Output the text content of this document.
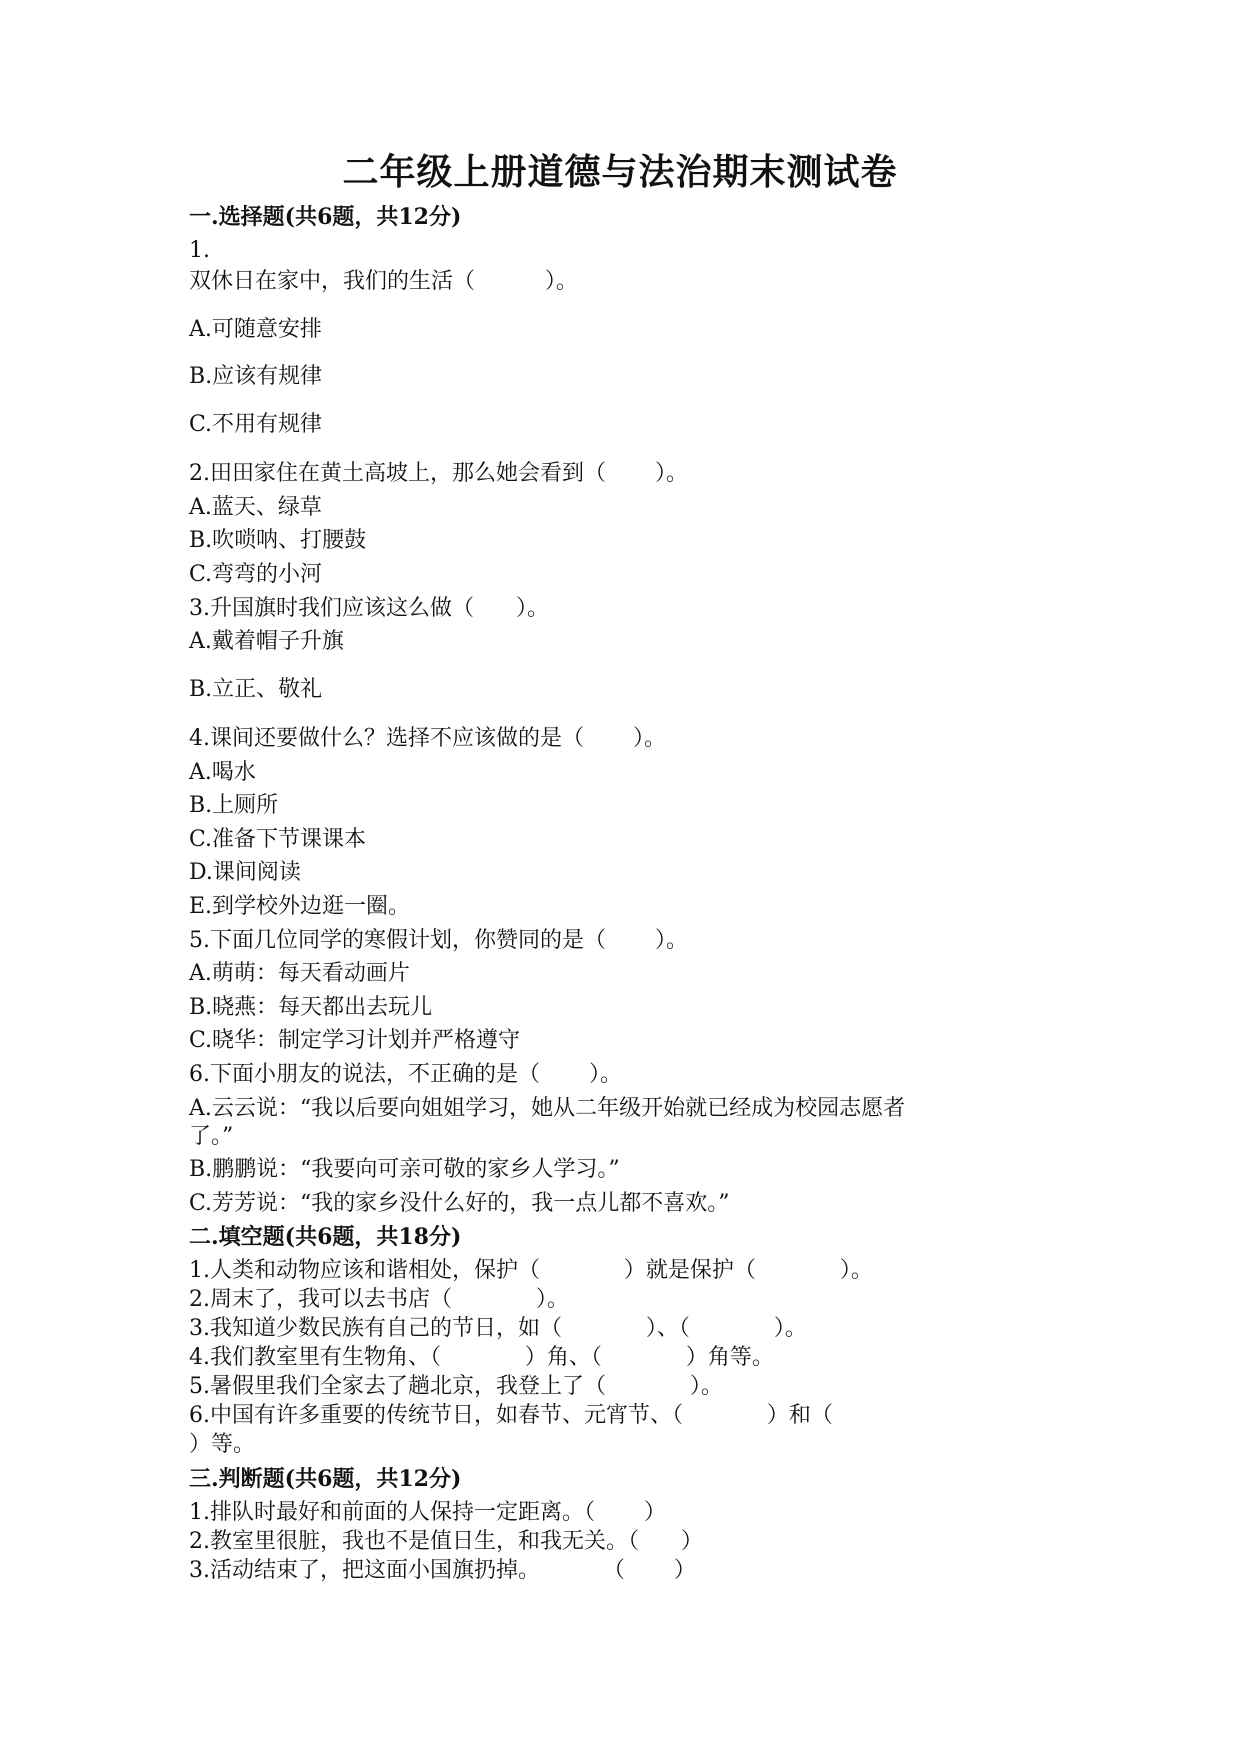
二年级上册道德与法治期末测试卷
一.选择题(共6题，共12分)
1.
双休日在家中，我们的生活（          ）。
A.可随意安排
B.应该有规律
C.不用有规律
2.田田家住在黄土高坡上，那么她会看到（       ）。
A.蓝天、绿草
B.吹唢呐、打腰鼓
C.弯弯的小河
3.升国旗时我们应该这么做（      ）。
A.戴着帽子升旗
B.立正、敬礼
4.课间还要做什么？选择不应该做的是（       ）。
A.喝水
B.上厕所
C.准备下节课课本
D.课间阅读
E.到学校外边逛一圈。
5.下面几位同学的寒假计划，你赞同的是（       ）。
A.萌萌：每天看动画片
B.晓燕：每天都出去玩儿
C.晓华：制定学习计划并严格遵守
6.下面小朋友的说法，不正确的是（       ）。
A.云云说：“我以后要向姐姐学习，她从二年级开始就已经成为校园志愿者
了。”
B.鹏鹏说：“我要向可亲可敬的家乡人学习。”
C.芳芳说：“我的家乡没什么好的，我一点儿都不喜欢。”
二.填空题(共6题，共18分)
1.人类和动物应该和谐相处，保护（            ）就是保护（            ）。
2.周末了，我可以去书店（            ）。
3.我知道少数民族有自己的节日，如（            ）、（            ）。
4.我们教室里有生物角、（            ）角、（            ）角等。
5.暑假里我们全家去了趟北京，我登上了（            ）。
6.中国有许多重要的传统节日，如春节、元宵节、（            ）和（
）等。
三.判断题(共6题，共12分)
1.排队时最好和前面的人保持一定距离。（       ）
2.教室里很脏，我也不是值日生，和我无关。（      ）
3.活动结束了，把这面小国旗扔掉。         （       ）
